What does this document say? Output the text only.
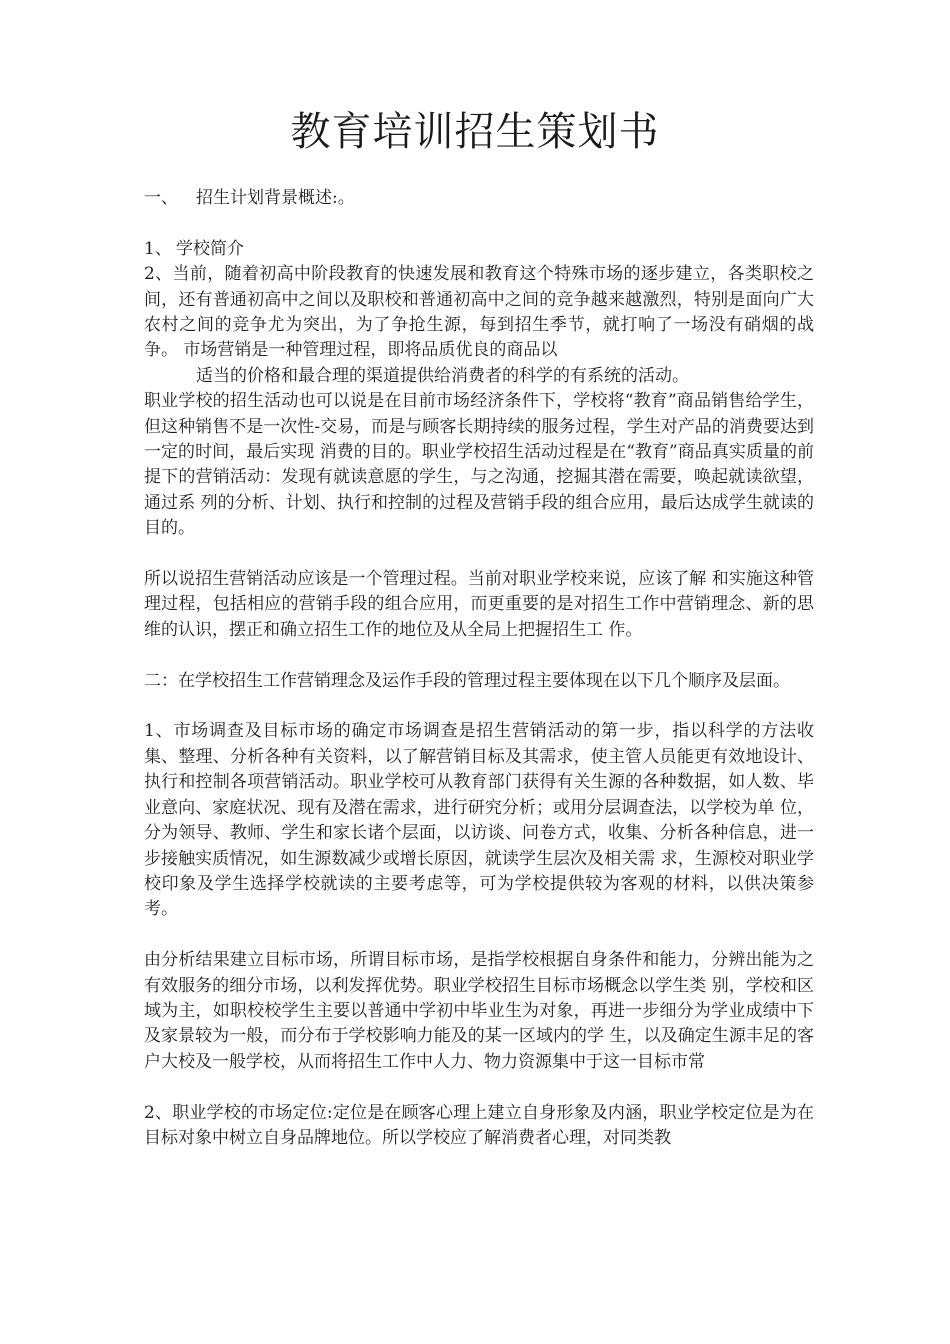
教育培训招生策划书

一、 招生计划背景概述:。

1、 学校简介

2、当前，随着初高中阶段教育的快速发展和教育这个特殊市场的逐步建立，各类职校之间，还有普通初高中之间以及职校和普通初高中之间的竞争越来越激烈，特别是面向广大农村之间的竞争尤为突出，为了争抢生源，每到招生季节，就打响了一场没有硝烟的战争。 市场营销是一种管理过程，即将品质优良的商品以
适当的价格和最合理的渠道提供给消费者的科学的有系统的活动。

职业学校的招生活动也可以说是在目前市场经济条件下，学校将“教育”商品销售给学生，但这种销售不是一次性-交易，而是与顾客长期持续的服务过程，学生对产品的消费要达到一定的时间，最后实现 消费的目的。职业学校招生活动过程是在“教育”商品真实质量的前提下的营销活动：发现有就读意愿的学生，与之沟通，挖掘其潜在需要，唤起就读欲望，通过系 列的分析、计划、执行和控制的过程及营销手段的组合应用，最后达成学生就读的目的。

所以说招生营销活动应该是一个管理过程。当前对职业学校来说，应该了解 和实施这种管理过程，包括相应的营销手段的组合应用，而更重要的是对招生工作中营销理念、新的思维的认识，摆正和确立招生工作的地位及从全局上把握招生工 作。

二：在学校招生工作营销理念及运作手段的管理过程主要体现在以下几个顺序及层面。

1、市场调查及目标市场的确定市场调查是招生营销活动的第一步，指以科学的方法收集、整理、分析各种有关资料，以了解营销目标及其需求，使主管人员能更有效地设计、执行和控制各项营销活动。职业学校可从教育部门获得有关生源的各种数据，如人数、毕业意向、家庭状况、现有及潜在需求，进行研究分析；或用分层调查法，以学校为单 位，分为领导、教师、学生和家长诸个层面，以访谈、问卷方式，收集、分析各种信息，进一步接触实质情况，如生源数减少或增长原因，就读学生层次及相关需 求，生源校对职业学校印象及学生选择学校就读的主要考虑等，可为学校提供较为客观的材料，以供决策参考。

由分析结果建立目标市场，所谓目标市场，是指学校根据自身条件和能力，分辨出能为之有效服务的细分市场，以利发挥优势。职业学校招生目标市场概念以学生类 别，学校和区域为主，如职校校学生主要以普通中学初中毕业生为对象，再进一步细分为学业成绩中下及家景较为一般，而分布于学校影响力能及的某一区域内的学 生，以及确定生源丰足的客户大校及一般学校，从而将招生工作中人力、物力资源集中于这一目标市常

2、职业学校的市场定位:定位是在顾客心理上建立自身形象及内涵，职业学校定位是为在目标对象中树立自身品牌地位。所以学校应了解消费者心理，对同类教
